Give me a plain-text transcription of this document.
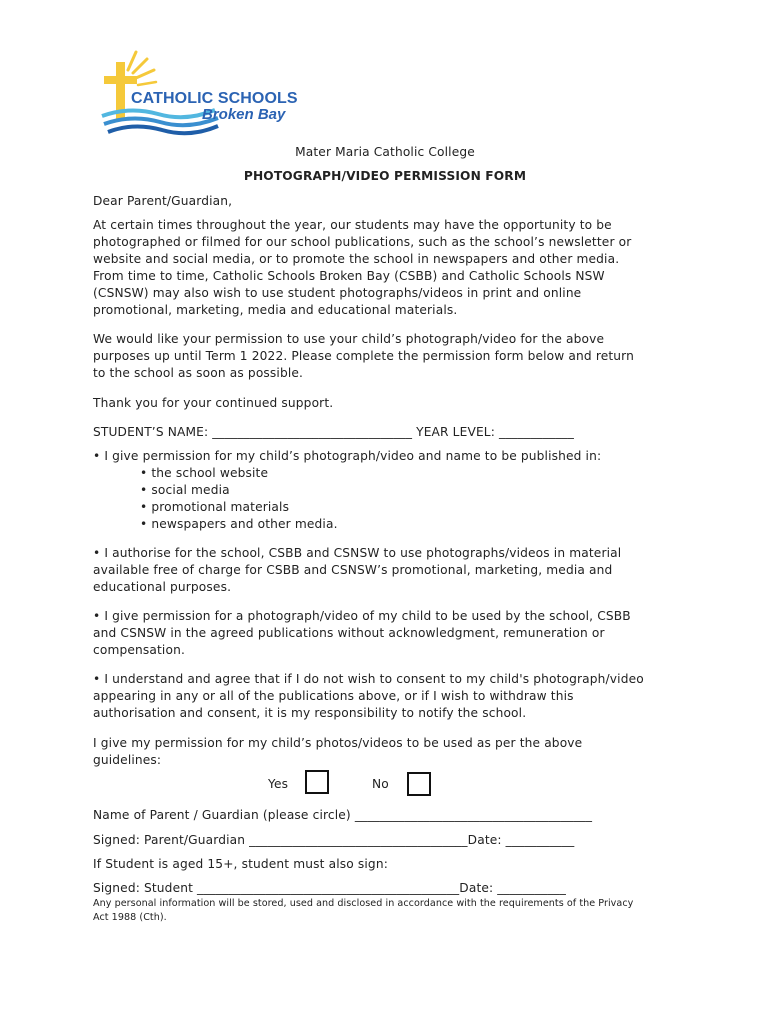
CATHOLIC SCHOOLS
Broken Bay
Mater Maria Catholic College
PHOTOGRAPH/VIDEO PERMISSION FORM
Dear Parent/Guardian,
At certain times throughout the year, our students may have the opportunity to be
photographed or filmed for our school publications, such as the school’s newsletter or
website and social media, or to promote the school in newspapers and other media.
From time to time, Catholic Schools Broken Bay (CSBB) and Catholic Schools NSW
(CSNSW) may also wish to use student photographs/videos in print and online
promotional, marketing, media and educational materials.
We would like your permission to use your child’s photograph/video for the above
purposes up until Term 1 2022. Please complete the permission form below and return
to the school as soon as possible.
Thank you for your continued support.
STUDENT’S NAME: ________________________________ YEAR LEVEL: ____________
• I give permission for my child’s photograph/video and name to be published in:
• the school website
• social media
• promotional materials
• newspapers and other media.
• I authorise for the school, CSBB and CSNSW to use photographs/videos in material
available free of charge for CSBB and CSNSW’s promotional, marketing, media and
educational purposes.
• I give permission for a photograph/video of my child to be used by the school, CSBB
and CSNSW in the agreed publications without acknowledgment, remuneration or
compensation.
• I understand and agree that if I do not wish to consent to my child's photograph/video
appearing in any or all of the publications above, or if I wish to withdraw this
authorisation and consent, it is my responsibility to notify the school.
I give my permission for my child’s photos/videos to be used as per the above
guidelines:
Yes	No
Name of Parent / Guardian (please circle) ______________________________________
Signed: Parent/Guardian ___________________________________Date: ___________
If Student is aged 15+, student must also sign:
Signed: Student __________________________________________Date: ___________
Any personal information will be stored, used and disclosed in accordance with the requirements of the Privacy
Act 1988 (Cth).
